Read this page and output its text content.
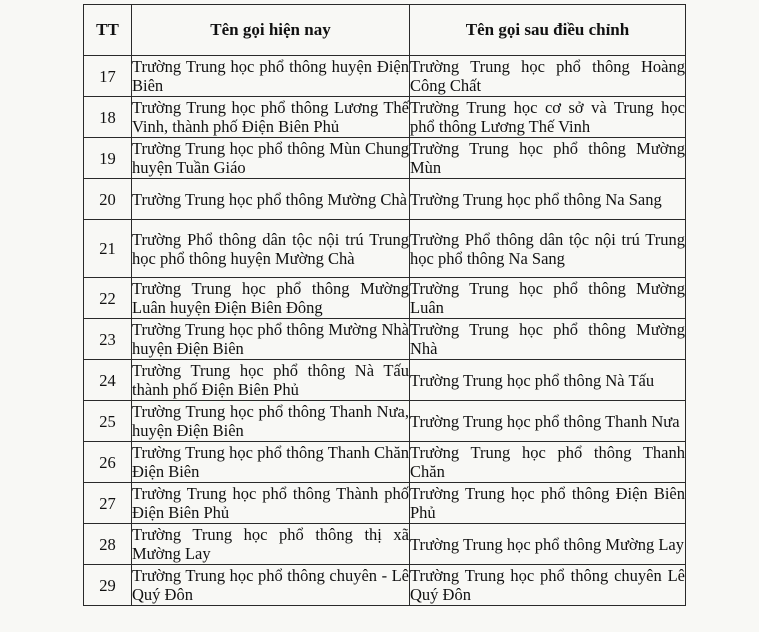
TT	Tên gọi hiện nay	Tên gọi sau điều chỉnh
17	Trường Trung học phổ thông huyện Điện Biên	Trường Trung học phổ thông Hoàng Công Chất
18	Trường Trung học phổ thông Lương Thế Vinh, thành phố Điện Biên Phủ	Trường Trung học cơ sở và Trung học phổ thông Lương Thế Vinh
19	Trường Trung học phổ thông Mùn Chung huyện Tuần Giáo	Trường Trung học phổ thông Mường Mùn
20	Trường Trung học phổ thông Mường Chà	Trường Trung học phổ thông Na Sang
21	Trường Phổ thông dân tộc nội trú Trung học phổ thông huyện Mường Chà	Trường Phổ thông dân tộc nội trú Trung học phổ thông Na Sang
22	Trường Trung học phổ thông Mường Luân huyện Điện Biên Đông	Trường Trung học phổ thông Mường Luân
23	Trường Trung học phổ thông Mường Nhà huyện Điện Biên	Trường Trung học phổ thông Mường Nhà
24	Trường Trung học phổ thông Nà Tấu thành phố Điện Biên Phủ	Trường Trung học phổ thông Nà Tấu
25	Trường Trung học phổ thông Thanh Nưa, huyện Điện Biên	Trường Trung học phổ thông Thanh Nưa
26	Trường Trung học phổ thông Thanh Chăn Điện Biên	Trường Trung học phổ thông Thanh Chăn
27	Trường Trung học phổ thông Thành phố Điện Biên Phủ	Trường Trung học phổ thông Điện Biên Phủ
28	Trường Trung học phổ thông thị xã Mường Lay	Trường Trung học phổ thông Mường Lay
29	Trường Trung học phổ thông chuyên - Lê Quý Đôn	Trường Trung học phổ thông chuyên Lê Quý Đôn
